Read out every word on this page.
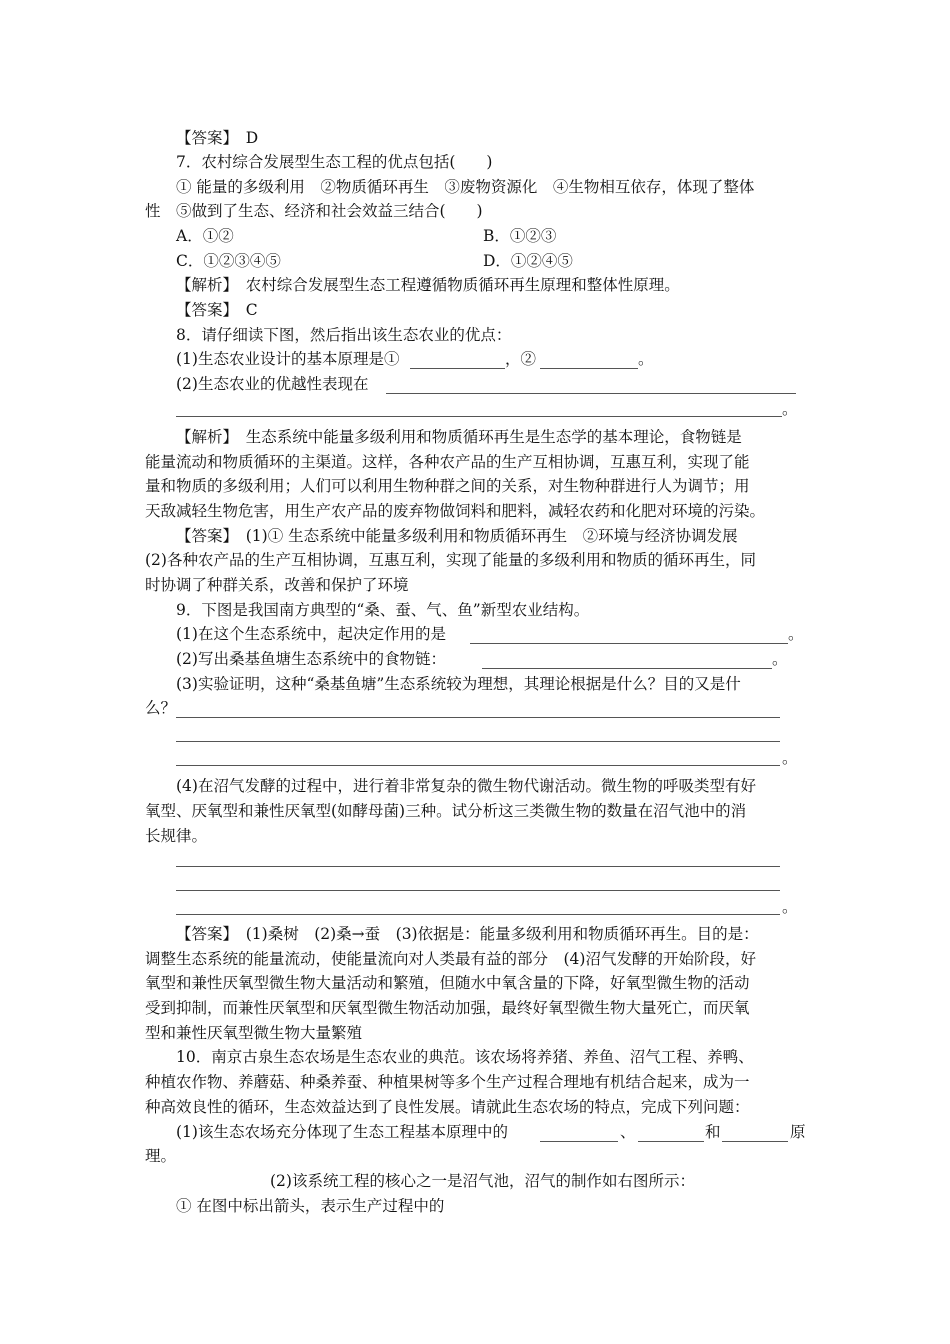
【答案】　D
7．农村综合发展型生态工程的优点包括(　　)
① 能量的多级利用　②物质循环再生　③废物资源化　④生物相互依存，体现了整体
性　⑤做到了生态、经济和社会效益三结合(　　)
A．①②	B．①②③
C．①②③④⑤	D．①②④⑤
【解析】　农村综合发展型生态工程遵循物质循环再生原理和整体性原理。
【答案】　C
8．请仔细读下图，然后指出该生态农业的优点：
(1)生态农业设计的基本原理是①	，②	。
(2)生态农业的优越性表现在
。
【解析】　生态系统中能量多级利用和物质循环再生是生态学的基本理论，食物链是
能量流动和物质循环的主渠道。这样，各种农产品的生产互相协调，互惠互利，实现了能
量和物质的多级利用；人们可以利用生物种群之间的关系，对生物种群进行人为调节；用
天敌减轻生物危害，用生产农产品的废弃物做饲料和肥料，减轻农药和化肥对环境的污染。
【答案】　(1)① 生态系统中能量多级利用和物质循环再生　②环境与经济协调发展
(2)各种农产品的生产互相协调，互惠互利，实现了能量的多级利用和物质的循环再生，同
时协调了种群关系，改善和保护了环境
9．下图是我国南方典型的“桑、蚕、气、鱼”新型农业结构。
(1)在这个生态系统中，起决定作用的是	。
(2)写出桑基鱼塘生态系统中的食物链：	。
(3)实验证明，这种“桑基鱼塘”生态系统较为理想，其理论根据是什么？目的又是什
么？
。
(4)在沼气发酵的过程中，进行着非常复杂的微生物代谢活动。微生物的呼吸类型有好
氧型、厌氧型和兼性厌氧型(如酵母菌)三种。试分析这三类微生物的数量在沼气池中的消
长规律。
。
【答案】　(1)桑树　(2)桑→蚕　(3)依据是：能量多级利用和物质循环再生。目的是：
调整生态系统的能量流动，使能量流向对人类最有益的部分　(4)沼气发酵的开始阶段，好
氧型和兼性厌氧型微生物大量活动和繁殖，但随水中氧含量的下降，好氧型微生物的活动
受到抑制，而兼性厌氧型和厌氧型微生物活动加强，最终好氧型微生物大量死亡，而厌氧
型和兼性厌氧型微生物大量繁殖
10．南京古泉生态农场是生态农业的典范。该农场将养猪、养鱼、沼气工程、养鸭、
种植农作物、养蘑菇、种桑养蚕、种植果树等多个生产过程合理地有机结合起来，成为一
种高效良性的循环，生态效益达到了良性发展。请就此生态农场的特点，完成下列问题：
(1)该生态农场充分体现了生态工程基本原理中的	、	和	原
理。
(2)该系统工程的核心之一是沼气池，沼气的制作如右图所示：
① 在图中标出箭头，表示生产过程中的
